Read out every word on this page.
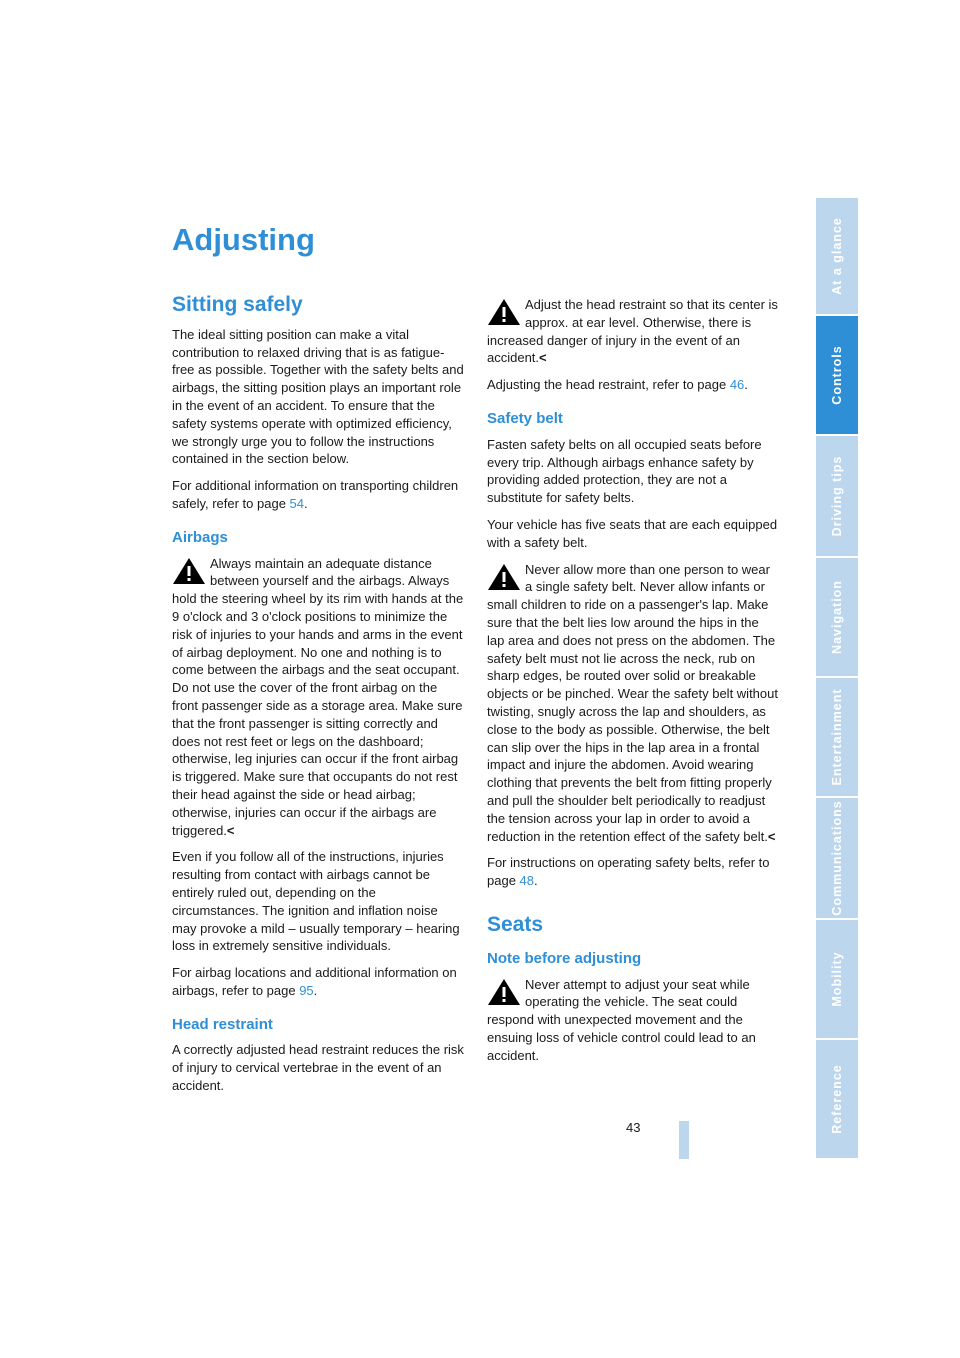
Adjusting
Sitting safely

The ideal sitting position can make a vital contribution to relaxed driving that is as fatigue-free as possible. Together with the safety belts and airbags, the sitting position plays an important role in the event of an accident. To ensure that the safety systems operate with optimized efficiency, we strongly urge you to follow the instructions contained in the section below.

For additional information on transporting children safely, refer to page 54.

Airbags
Always maintain an adequate distance between yourself and the airbags. Always hold the steering wheel by its rim with hands at the 9 o'clock and 3 o'clock positions to minimize the risk of injuries to your hands and arms in the event of airbag deployment. No one and nothing is to come between the airbags and the seat occupant.
Do not use the cover of the front airbag on the front passenger side as a storage area. Make sure that the front passenger is sitting correctly and does not rest feet or legs on the dashboard; otherwise, leg injuries can occur if the front airbag is triggered. Make sure that occupants do not rest their head against the side or head airbag; otherwise, injuries can occur if the airbags are triggered.<

Even if you follow all of the instructions, injuries resulting from contact with airbags cannot be entirely ruled out, depending on the circumstances. The ignition and inflation noise may provoke a mild – usually temporary – hearing loss in extremely sensitive individuals.

For airbag locations and additional information on airbags, refer to page 95.

Head restraint

A correctly adjusted head restraint reduces the risk of injury to cervical vertebrae in the event of an accident.

Adjust the head restraint so that its center is approx. at ear level. Otherwise, there is increased danger of injury in the event of an accident.<

Adjusting the head restraint, refer to page 46.

Safety belt

Fasten safety belts on all occupied seats before every trip. Although airbags enhance safety by providing added protection, they are not a substitute for safety belts.

Your vehicle has five seats that are each equipped with a safety belt.

Never allow more than one person to wear a single safety belt. Never allow infants or small children to ride on a passenger's lap. Make sure that the belt lies low around the hips in the lap area and does not press on the abdomen. The safety belt must not lie across the neck, rub on sharp edges, be routed over solid or breakable objects or be pinched. Wear the safety belt without twisting, snugly across the lap and shoulders, as close to the body as possible. Otherwise, the belt can slip over the hips in the lap area in a frontal impact and injure the abdomen. Avoid wearing clothing that prevents the belt from fitting properly and pull the shoulder belt periodically to readjust the tension across your lap in order to avoid a reduction in the retention effect of the safety belt.<

For instructions on operating safety belts, refer to page 48.

Seats
Note before adjusting
Never attempt to adjust your seat while operating the vehicle. The seat could respond with unexpected movement and the ensuing loss of vehicle control could lead to an accident.
At a glance
Controls
Driving tips
Navigation
Entertainment
Communications
Mobility
Reference
43
